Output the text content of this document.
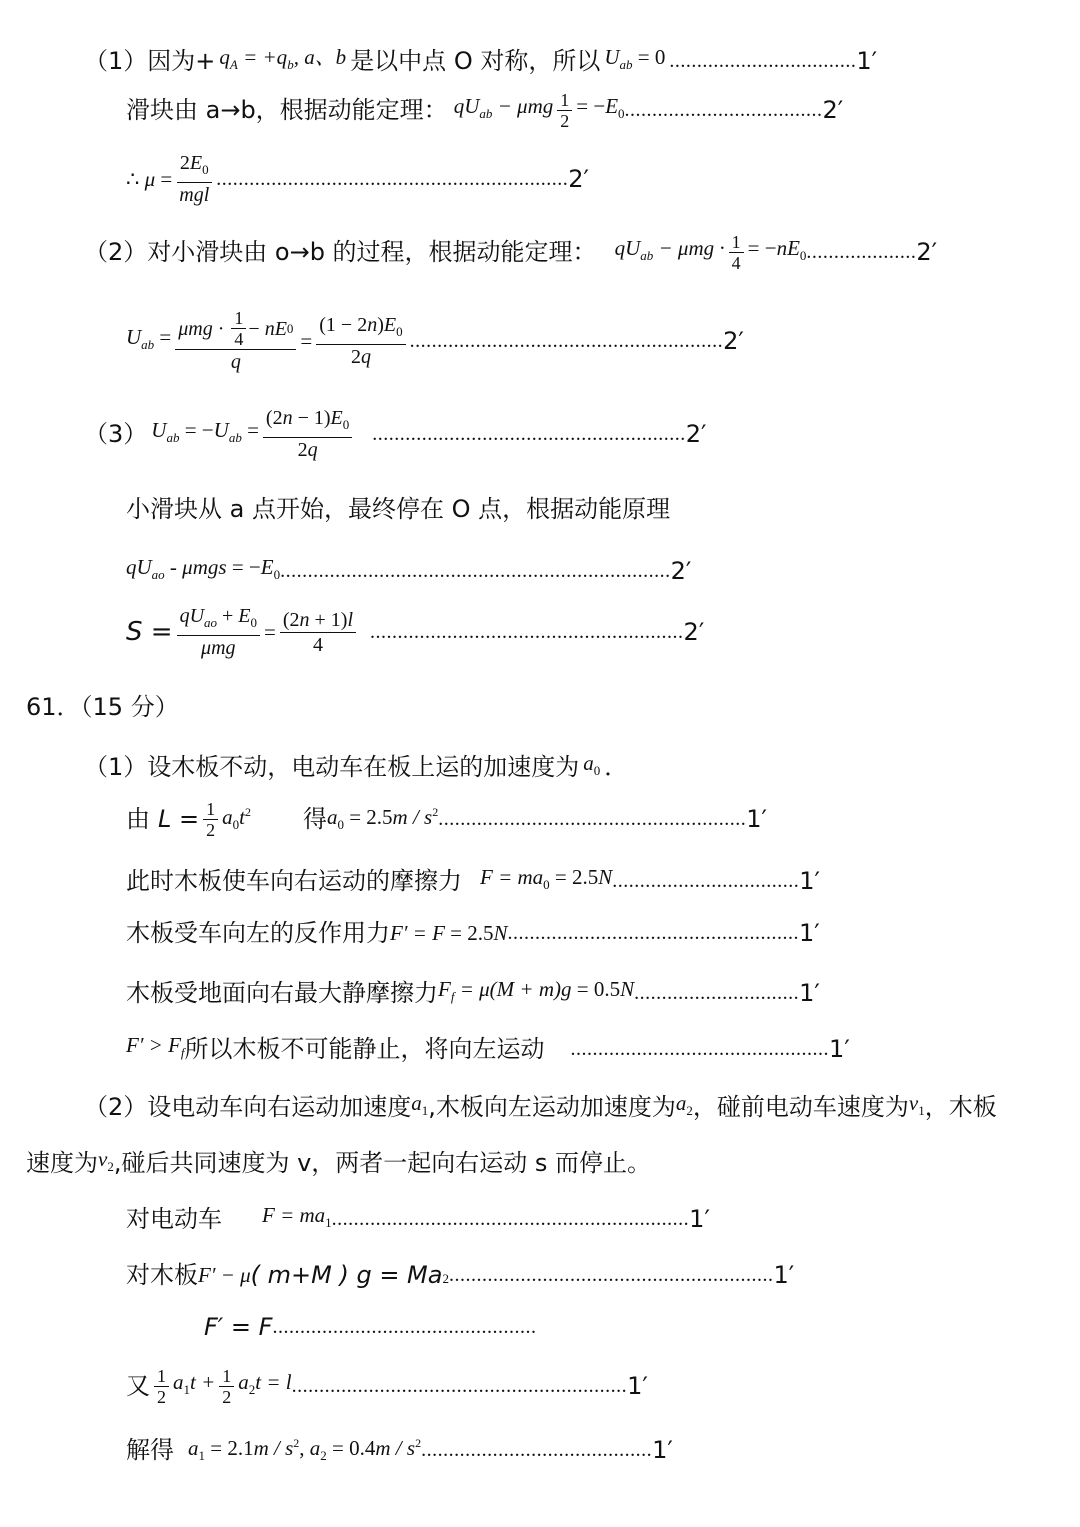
（1）因为+ $q_A = +q_b$, a、b 是以中点 O 对称，所以 $U_{ab} = 0$ .................................. 1′
滑块由 a→b，根据动能定理： $qU_{ab} - \mu mg \frac{1}{2} = -E_0$ .................................... 2′
∴ $\mu = \frac{2E_0}{\text{mgl}}$ ................................................................ 2′
（2）对小滑块由 o→b 的过程，根据动能定理： $qU_{ab} - \mu mg \cdot \frac{1}{4} = -nE_0$ .................... 2′
$U_{ab} = \frac{\mu mg \cdot \frac{1}{4} - nE 0}{q} = \frac{(1 - 2n)E_0}{2q}$ ......................................................... 2′
（3） $U_{ab} = -U_{ab} = \frac{(2n - 1)E_0}{2q}$ ......................................................... 2′
小滑块从 a 点开始，最终停在 O 点，根据动能原理
$qU_{ao} - \mu mgs = -E_0$ ....................................................................... 2′
$S = \frac{qU_{ao} + E_0}{\text{μmg}} = \frac{(2n + 1)l}{4}$ ......................................................... 2′
61．（15 分）
（1）设木板不动，电动车在板上运的加速度为 $a_0$ ．
由 $L = \frac{1}{2} a_0t^2$ 得 $a_0 = 2.5m / s^2$ ........................................................ 1′
此时木板使车向右运动的摩擦力 $F = ma_0 = 2.5N$ .................................. 1′
木板受车向左的反作用力 F′ = F = 2.5N ..................................................... 1′
木板受地面向右最大静摩擦力 $F_f = \mu(M + m)g = 0.5N$ .............................. 1′
$F' > F_f$ 所以木板不可能静止，将向左运动 ............................................... 1′
（2）设电动车向右运动加速度 $a_1$ ,木板向左运动加速度为 $a_2$ ，碰前电动车速度为 $v_1$ ，木板
速度为 $v_2$ ,碰后共同速度为 v，两者一起向右运动 s 而停止。
对电动车 $F = ma_1$ ................................................................. 1′
对木板 F′ − μ ( m+M ) g = Ma $_2$ ........................................................... 1′
F′ = F ................................................
又 $\frac{1}{2} a_1t + \frac{1}{2} a_2t = l$ ............................................................. 1′
解得 $a_1 = 2.1m / s^2$, $a_2 = 0.4m / s^2$ .......................................... 1′
